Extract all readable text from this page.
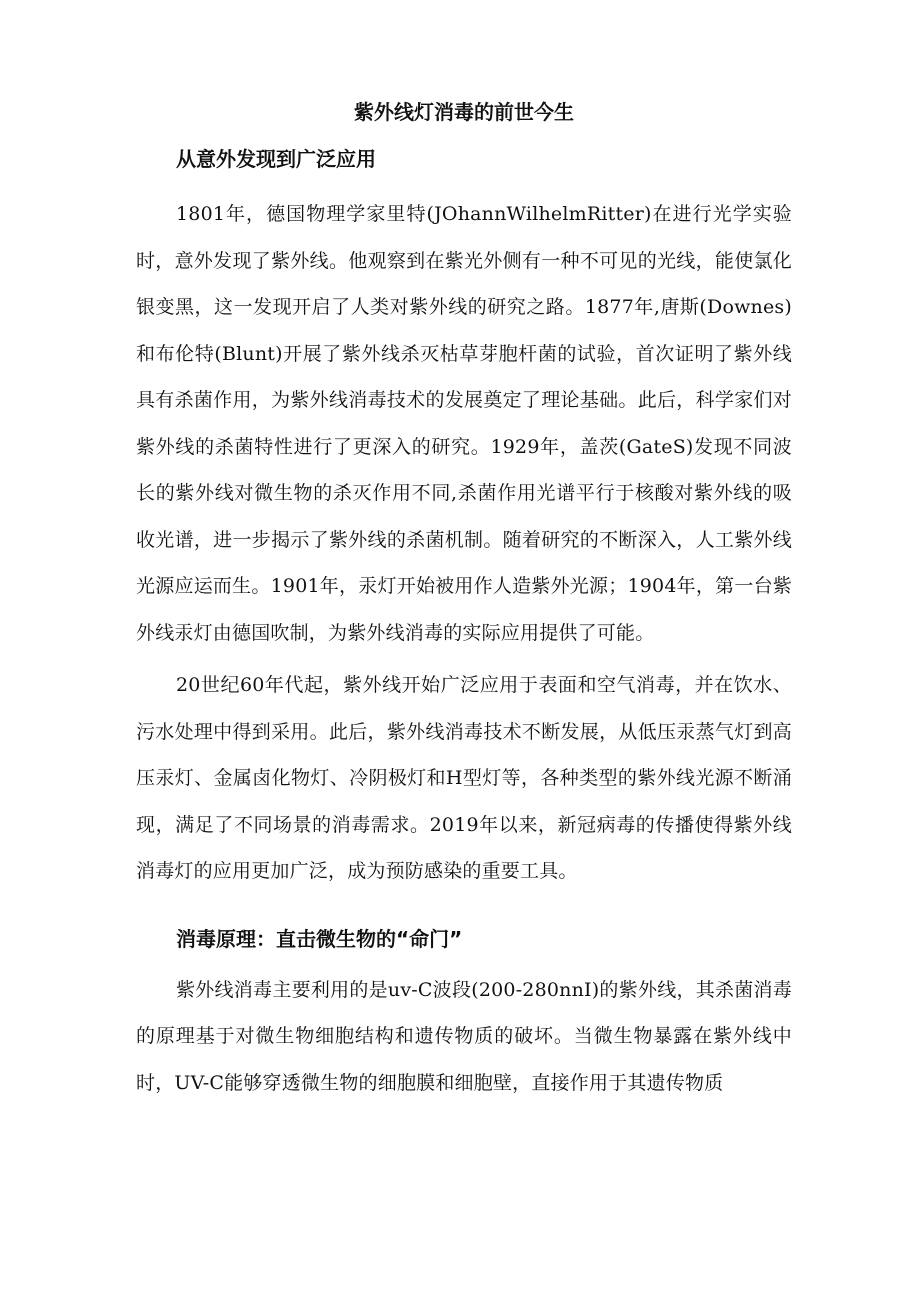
紫外线灯消毒的前世今生
从意外发现到广泛应用

1801年，德国物理学家里特(JOhannWilhelmRitter)在进行光学实验时，意外发现了紫外线。他观察到在紫光外侧有一种不可见的光线，能使氯化银变黑，这一发现开启了人类对紫外线的研究之路。1877年,唐斯(Downes)和布伦特(Blunt)开展了紫外线杀灭枯草芽胞杆菌的试验，首次证明了紫外线具有杀菌作用，为紫外线消毒技术的发展奠定了理论基础。此后，科学家们对紫外线的杀菌特性进行了更深入的研究。1929年，盖茨(GateS)发现不同波长的紫外线对微生物的杀灭作用不同,杀菌作用光谱平行于核酸对紫外线的吸收光谱，进一步揭示了紫外线的杀菌机制。随着研究的不断深入，人工紫外线光源应运而生。1901年，汞灯开始被用作人造紫外光源；1904年，第一台紫外线汞灯由德国吹制，为紫外线消毒的实际应用提供了可能。

20世纪60年代起，紫外线开始广泛应用于表面和空气消毒，并在饮水、污水处理中得到采用。此后，紫外线消毒技术不断发展，从低压汞蒸气灯到高压汞灯、金属卤化物灯、冷阴极灯和H型灯等，各种类型的紫外线光源不断涌现，满足了不同场景的消毒需求。2019年以来，新冠病毒的传播使得紫外线消毒灯的应用更加广泛，成为预防感染的重要工具。

消毒原理：直击微生物的“命门”

紫外线消毒主要利用的是uv-C波段(200-280nnI)的紫外线，其杀菌消毒的原理基于对微生物细胞结构和遗传物质的破坏。当微生物暴露在紫外线中时，UV-C能够穿透微生物的细胞膜和细胞壁，直接作用于其遗传物质
